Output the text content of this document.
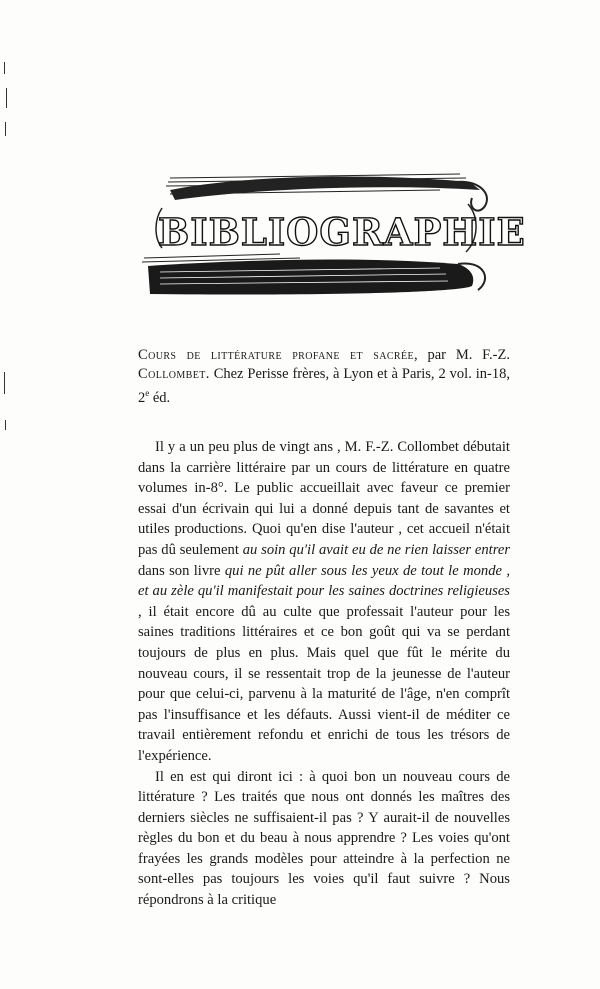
BIBLIOGRAPHIE
Cours de littérature profane et sacrée, par M. F.-Z. Collombet. Chez Perisse frères, à Lyon et à Paris, 2 vol. in-18, 2e éd.

Il y a un peu plus de vingt ans , M. F.-Z. Collombet débutait dans la carrière littéraire par un cours de littérature en quatre volumes in-8°. Le public accueillait avec faveur ce premier essai d'un écrivain qui lui a donné depuis tant de savantes et utiles productions. Quoi qu'en dise l'auteur , cet accueil n'était pas dû seulement au soin qu'il avait eu de ne rien laisser entrer dans son livre qui ne pût aller sous les yeux de tout le monde , et au zèle qu'il manifestait pour les saines doctrines religieuses , il était encore dû au culte que professait l'auteur pour les saines traditions littéraires et ce bon goût qui va se perdant toujours de plus en plus. Mais quel que fût le mérite du nouveau cours, il se ressentait trop de la jeunesse de l'auteur pour que celui-ci, parvenu à la maturité de l'âge, n'en comprît pas l'insuffisance et les défauts. Aussi vient-il de méditer ce travail entièrement refondu et enrichi de tous les trésors de l'expérience.

Il en est qui diront ici : à quoi bon un nouveau cours de littérature ? Les traités que nous ont donnés les maîtres des derniers siècles ne suffisaient-il pas ? Y aurait-il de nouvelles règles du bon et du beau à nous apprendre ? Les voies qu'ont frayées les grands modèles pour atteindre à la perfection ne sont-elles pas toujours les voies qu'il faut suivre ? Nous répondrons à la critique
